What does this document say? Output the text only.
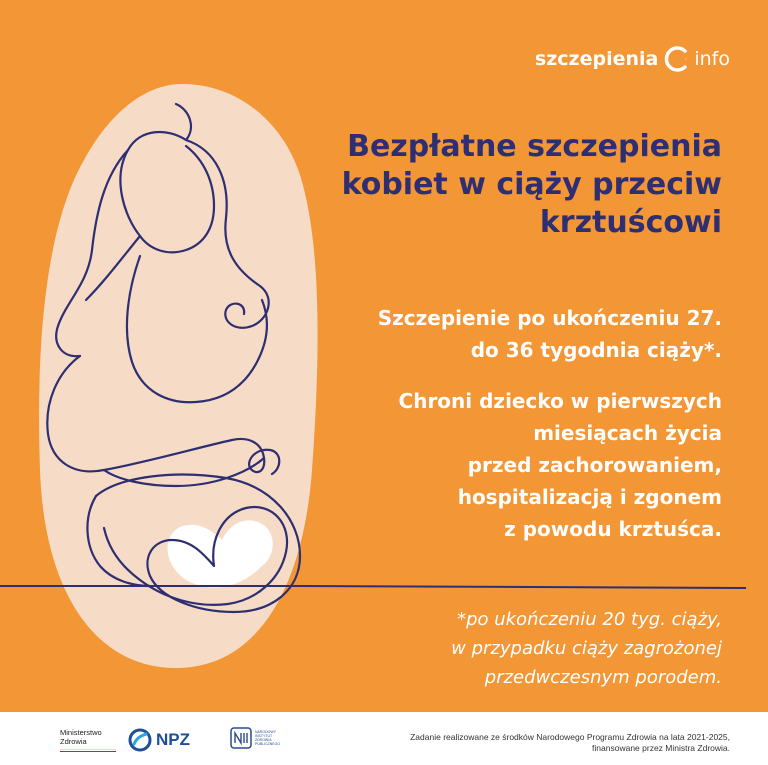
szczepienia info
Bezpłatne szczepienia
kobiet w ciąży przeciw
krztuścowi
Szczepienie po ukończeniu 27.
do 36 tygodnia ciąży*.
Chroni dziecko w pierwszych
miesiącach życia
przed zachorowaniem,
hospitalizacją i zgonem
z powodu krztuśca.
*po ukończeniu 20 tyg. ciąży,
w przypadku ciąży zagrożonej
przedwczesnym porodem.
Ministerstwo
Zdrowia	NPZ	NARODOWY
INSTYTUT
ZDROWIA
PUBLICZNEGO
Zadanie realizowane ze środków Narodowego Programu Zdrowia na lata 2021-2025,
finansowane przez Ministra Zdrowia.
